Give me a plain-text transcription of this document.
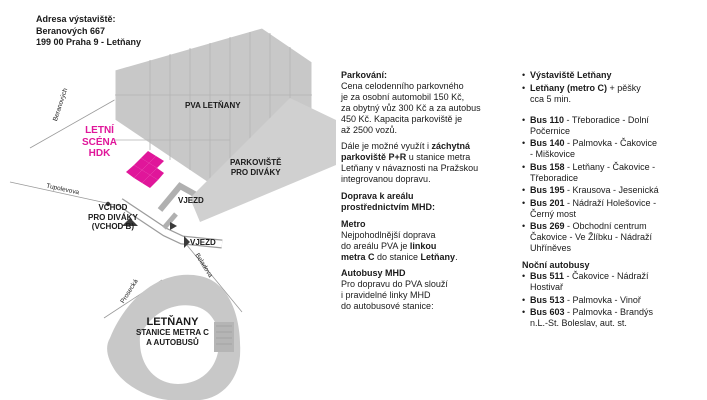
Adresa výstaviště:
Beranových 667
199 00 Praha 9 - Letňany
PVA LETŇANY
LETNÍ
SCÉNA
HDK
PARKOVIŠTĚ
PRO DIVÁKY
VJEZD
VJEZD
VCHOD
PRO DIVÁKY
(VCHOD B)
LETŇANY
STANICE METRA C
A AUTOBUSŮ
Beranových
Tupolevova
Prosecká
Beladova
Parkování:

Cena celodenního parkovného
je za osobní automobil 150 Kč,
za obytný vůz 300 Kč a za autobus
450 Kč. Kapacita parkoviště je
až 2500 vozů.

Dále je možné využít i záchytná
parkoviště P+R u stanice metra
Letňany v návaznosti na Pražskou
integrovanou dopravu.

Doprava k areálu
prostřednictvím MHD:
Metro

Nejpohodlnější doprava
do areálu PVA je linkou
metra C do stanice Letňany.

Autobusy MHD
Pro dopravu do PVA slouží
i pravidelné linky MHD
do autobusové stanice:
• Výstaviště Letňany
• Letňany (metro C) + pěšky
cca 5 min.
• Bus 110 - Třeboradice - Dolní
Počernice
• Bus 140 - Palmovka - Čakovice
- Miškovice
• Bus 158 - Letňany - Čakovice -
Třeboradice
• Bus 195 - Krausova - Jesenická
• Bus 201 - Nádraží Holešovice -
Černý most
• Bus 269 - Obchodní centrum
Čakovice - Ve Žlíbku - Nádraží
Uhříněves
Noční autobusy
• Bus 511 - Čakovice - Nádraží
Hostivař
• Bus 513 - Palmovka - Vinoř
• Bus 603 - Palmovka - Brandýs
n.L.-St. Boleslav, aut. st.
